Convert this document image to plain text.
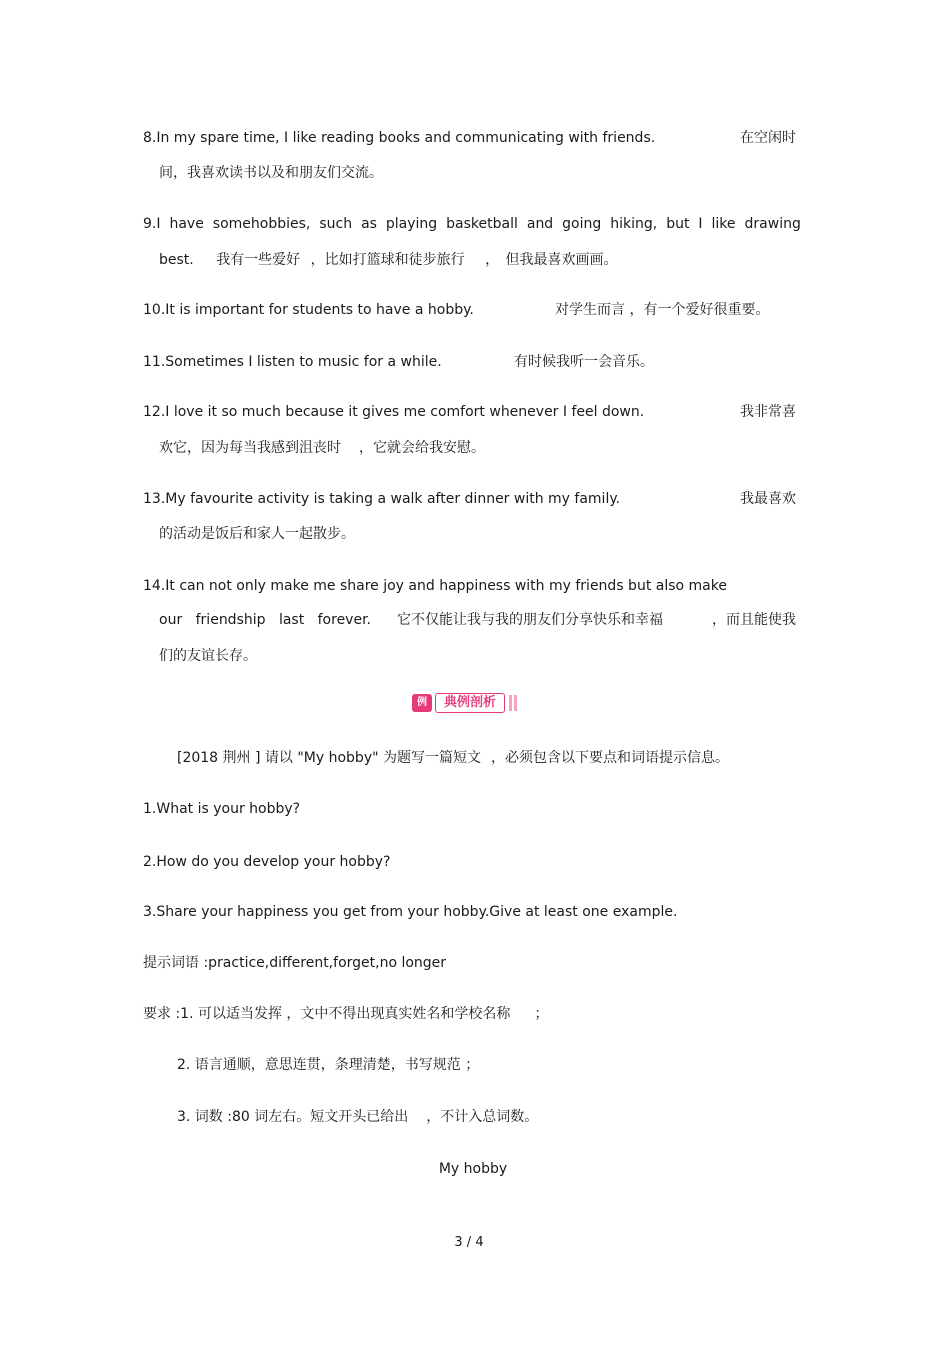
8.In my spare time, I like reading books and communicating with friends.	在空闲时
间，我喜欢读书以及和朋友们交流。
9.I have somehobbies, such as playing basketball and going hiking, but I like drawing
best. 我有一些爱好 ，比如打篮球和徒步旅行 ， 但我最喜欢画画。
10.It is important for students to have a hobby.	对学生而言 ，有一个爱好很重要。
11.Sometimes I listen to music for a while.	有时候我听一会音乐。
12.I love it so much because it gives me comfort whenever I feel down.	我非常喜
欢它，因为每当我感到沮丧时 ，它就会给我安慰。
13.My favourite activity is taking a walk after dinner with my family.	我最喜欢
的活动是饭后和家人一起散步。
14.It can not only make me share joy and happiness with my friends but also make
our friendship last forever. 它不仅能让我与我的朋友们分享快乐和幸福	，而且能使我
们的友谊长存。
例	典例剖析
[2018 荆州 ] 请以 "My hobby" 为题写一篇短文 ，必须包含以下要点和词语提示信息。
1.What is your hobby?
2.How do you develop your hobby?
3.Share your happiness you get from your hobby.Give at least one example.
提示词语 :practice,different,forget,no longer
要求 :1. 可以适当发挥 ，文中不得出现真实姓名和学校名称 ；
2. 语言通顺，意思连贯，条理清楚，书写规范 ；
3. 词数 :80 词左右。短文开头已给出 ，不计入总词数。
My hobby
3 / 4
